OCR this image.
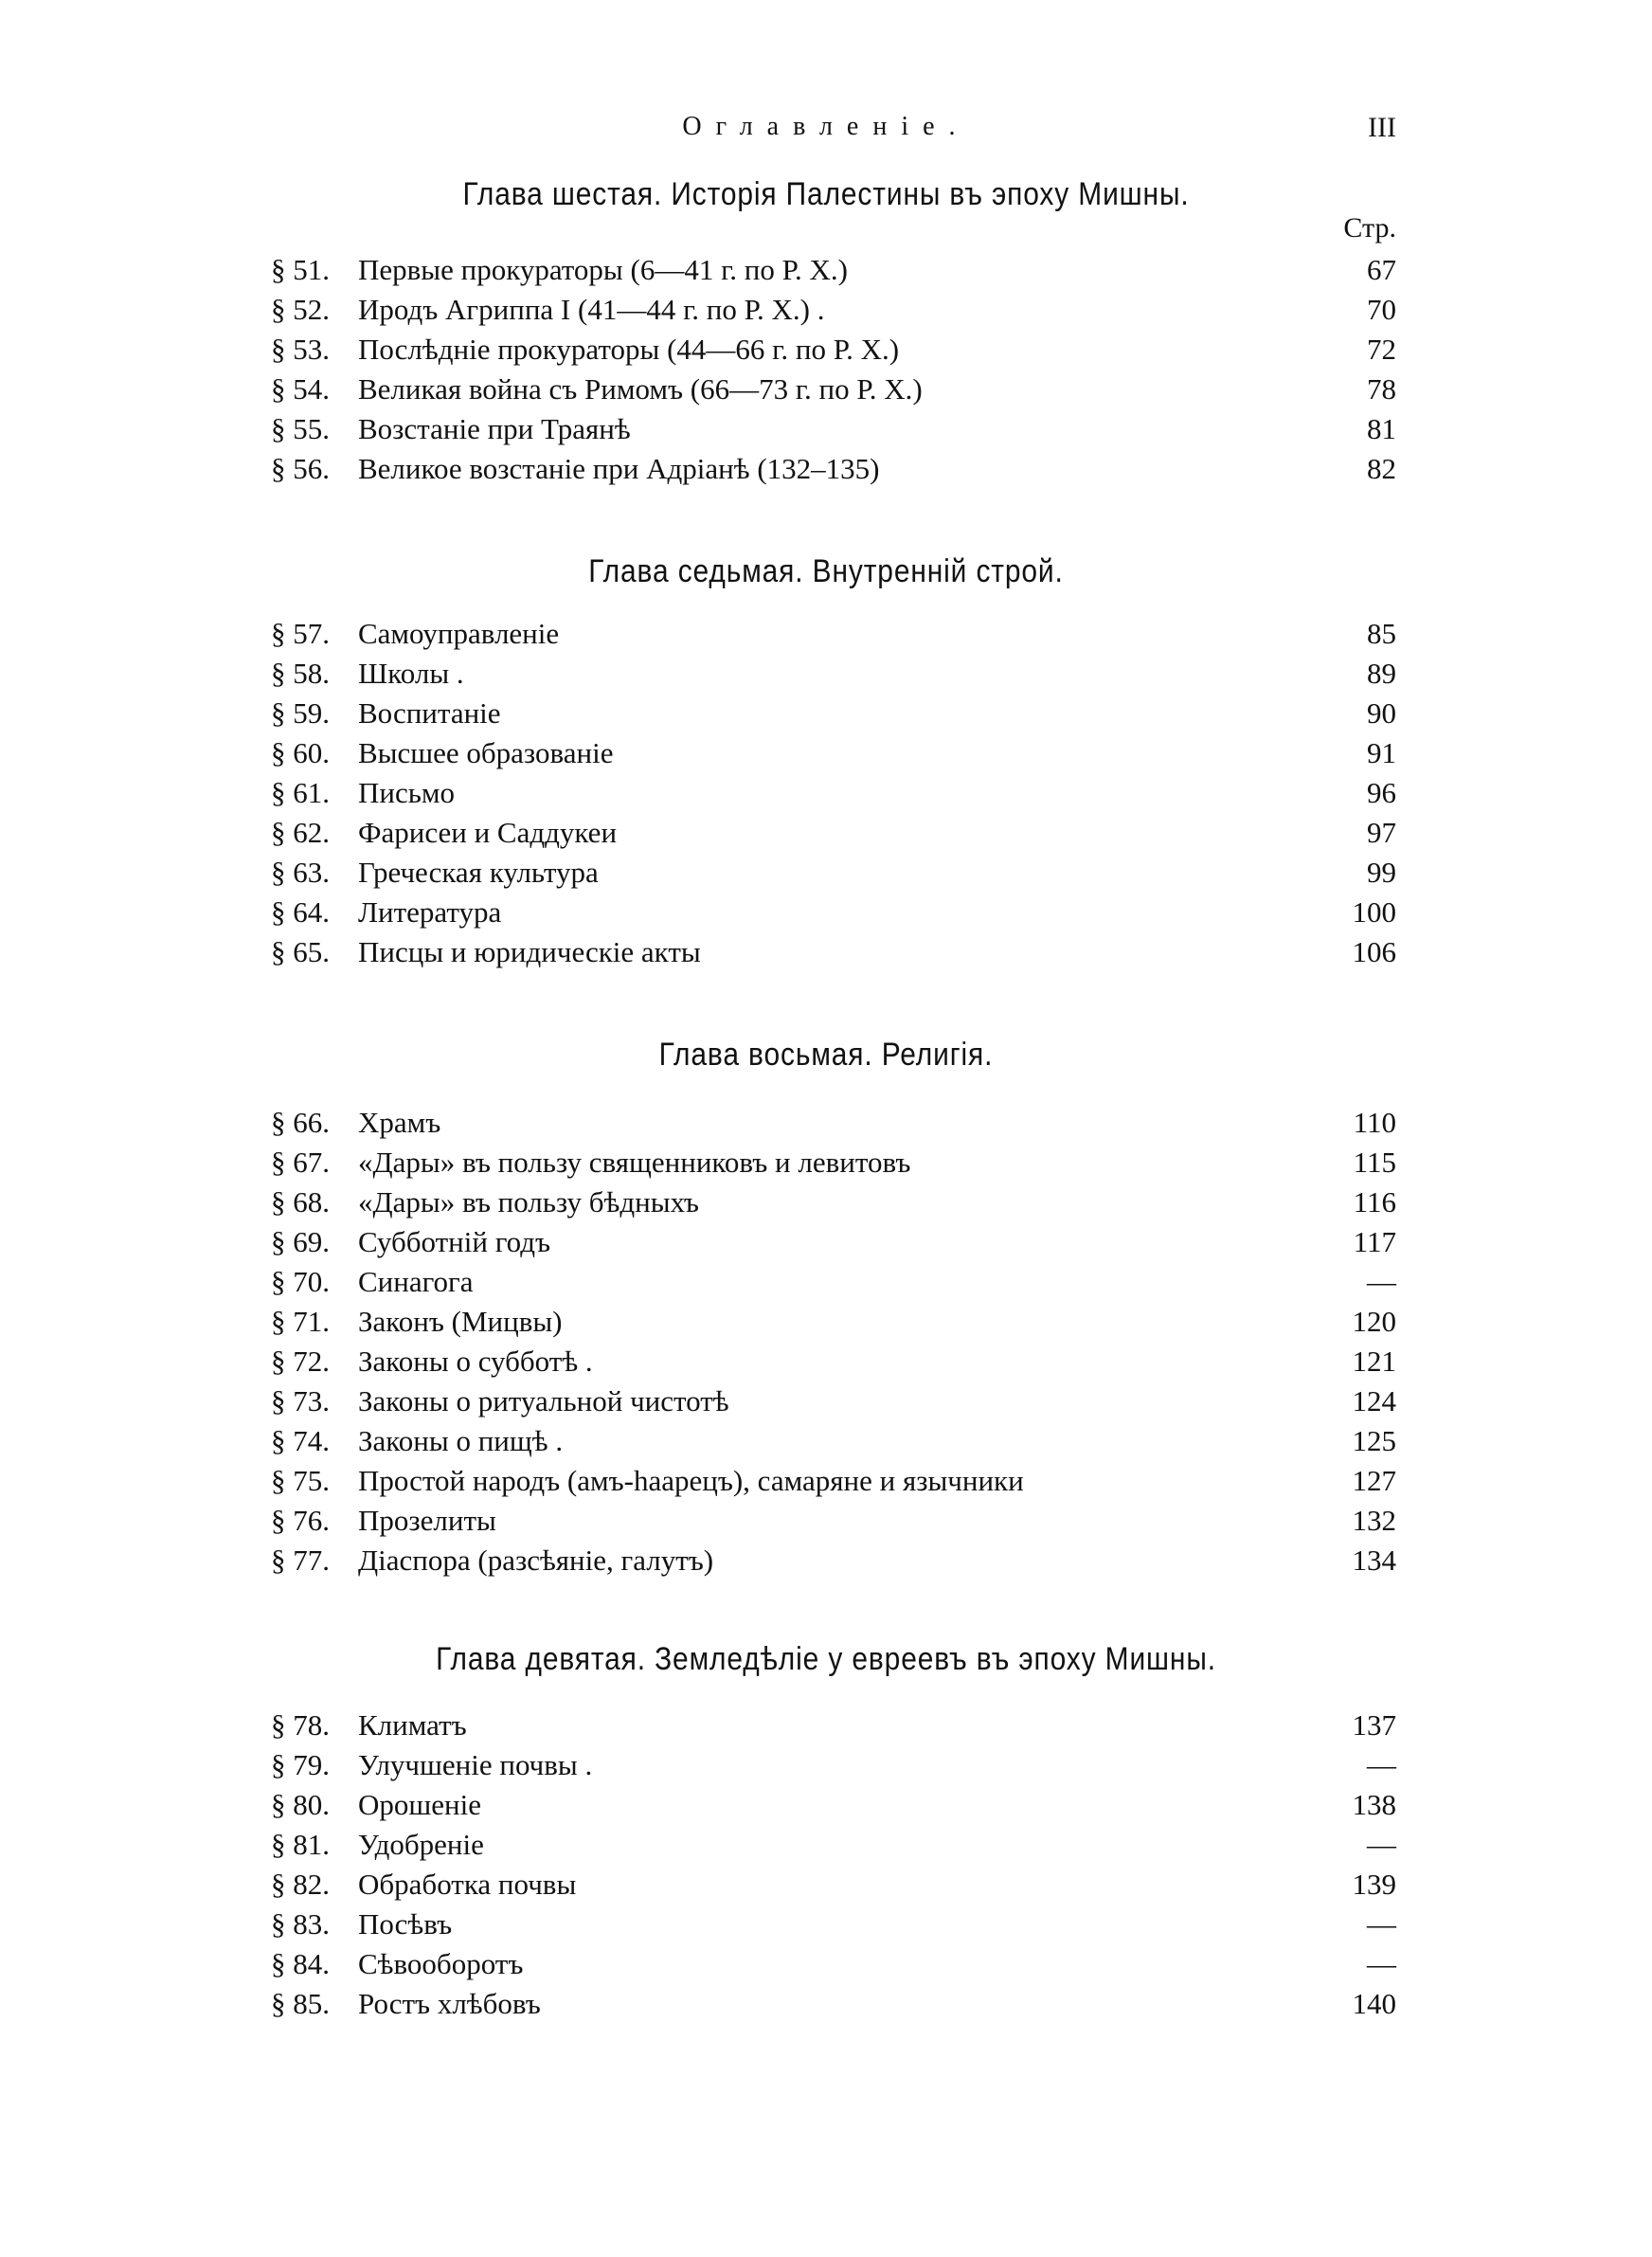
Оглавленіе.	III
Глава шестая. Исторія Палестины въ эпоху Мишны.
Стр.
§ 51. Первые прокураторы (6—41 г. по Р. X.)	67
§ 52. Иродъ Агриппа I (41—44 г. по Р. X.) .	70
§ 53. Послѣдніе прокураторы (44—66 г. по Р. X.)	72
§ 54. Великая война съ Римомъ (66—73 г. по Р. X.)	78
§ 55. Возстаніе при Траянѣ	81
§ 56. Великое возстаніе при Адріанѣ (132–135)	82
Глава седьмая. Внутренній строй.
§ 57. Самоуправленіе	85
§ 58. Школы .	89
§ 59. Воспитаніе	90
§ 60. Высшее образованіе	91
§ 61. Письмо	96
§ 62. Фарисеи и Саддукеи	97
§ 63. Греческая культура	99
§ 64. Литература	100
§ 65. Писцы и юридическіе акты	106
Глава восьмая. Религія.
§ 66. Храмъ	110
§ 67. «Дары» въ пользу священниковъ и левитовъ	115
§ 68. «Дары» въ пользу бѣдныхъ	116
§ 69. Субботній годъ	117
§ 70. Синагога	—
§ 71. Законъ (Мицвы)	120
§ 72. Законы о субботѣ .	121
§ 73. Законы о ритуальной чистотѣ	124
§ 74. Законы о пищѣ .	125
§ 75. Простой народъ (амъ-һаарецъ), самаряне и язычники	127
§ 76. Прозелиты	132
§ 77. Діаспора (разсѣяніе, галутъ)	134
Глава девятая. Земледѣліе у евреевъ въ эпоху Мишны.
§ 78. Климатъ	137
§ 79. Улучшеніе почвы .	—
§ 80. Орошеніе	138
§ 81. Удобреніе	—
§ 82. Обработка почвы	139
§ 83. Посѣвъ	—
§ 84. Сѣвооборотъ	—
§ 85. Ростъ хлѣбовъ	140
